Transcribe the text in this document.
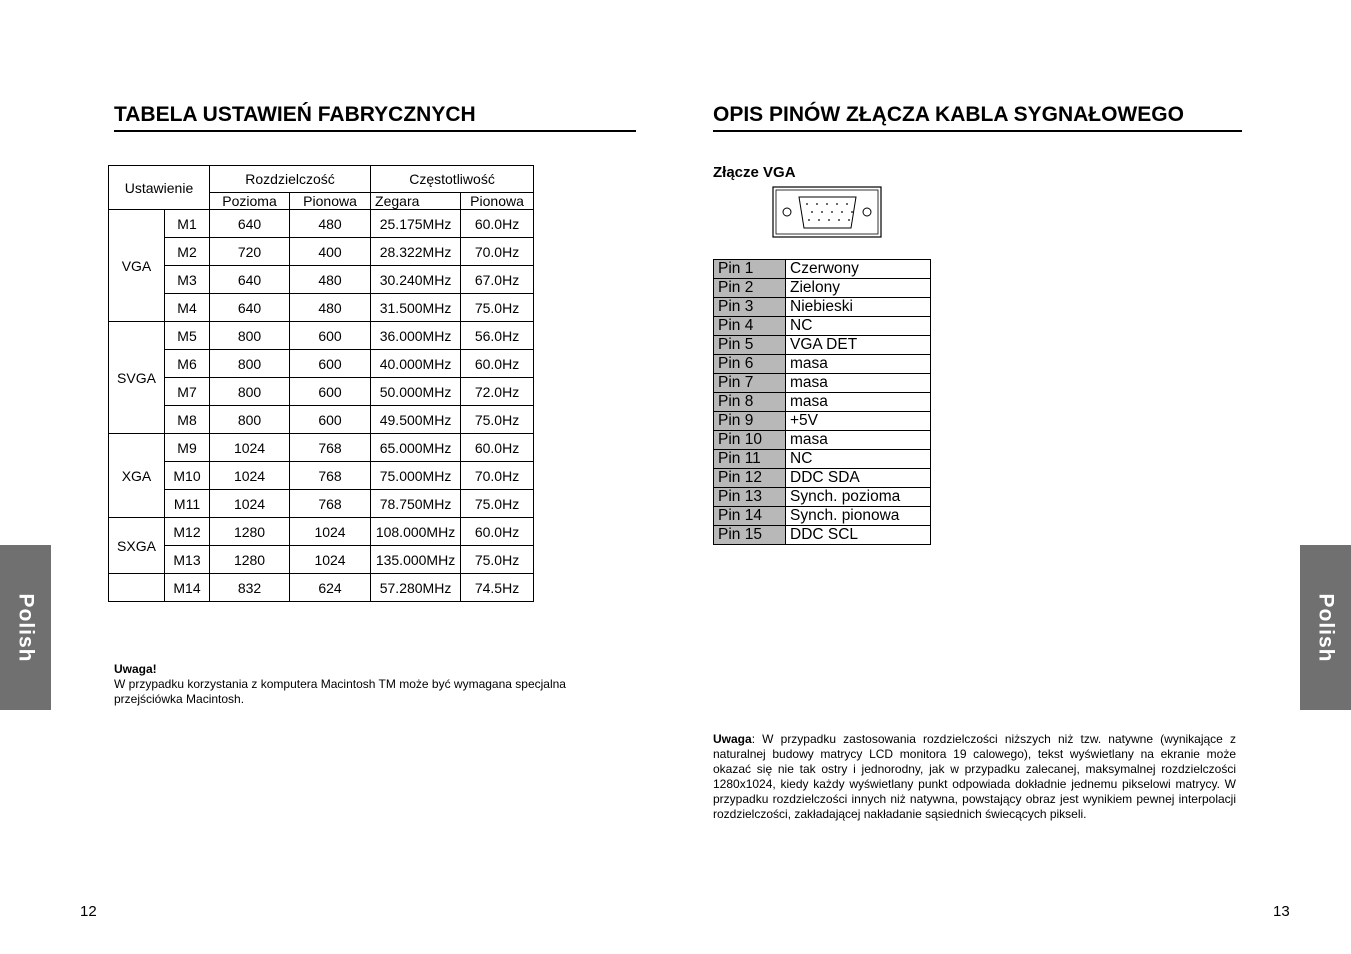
TABELA USTAWIEŃ FABRYCZNYCH
Ustawienie		Rozdzielczość		Częstotliwość	
		Pozioma	Pionowa	Zegara	Pionowa
VGA	M1	640	480	25.175MHz	60.0Hz
	M2	720	400	28.322MHz	70.0Hz
	M3	640	480	30.240MHz	67.0Hz
	M4	640	480	31.500MHz	75.0Hz
SVGA	M5	800	600	36.000MHz	56.0Hz
	M6	800	600	40.000MHz	60.0Hz
	M7	800	600	50.000MHz	72.0Hz
	M8	800	600	49.500MHz	75.0Hz
XGA	M9	1024	768	65.000MHz	60.0Hz
	M10	1024	768	75.000MHz	70.0Hz
	M11	1024	768	78.750MHz	75.0Hz
SXGA	M12	1280	1024	108.000MHz	60.0Hz
	M13	1280	1024	135.000MHz	75.0Hz
	M14	832	624	57.280MHz	74.5Hz
Uwaga!
W przypadku korzystania z komputera Macintosh TM może być wymagana specjalna przejściówka Macintosh.
12
Polish
OPIS PINÓW ZŁĄCZA KABLA SYGNAŁOWEGO
Złącze VGA
Pin 1	Czerwony
Pin 2	Zielony
Pin 3	Niebieski
Pin 4	NC
Pin 5	VGA DET
Pin 6	masa
Pin 7	masa
Pin 8	masa
Pin 9	+5V
Pin 10	masa
Pin 11	NC
Pin 12	DDC SDA
Pin 13	Synch. pozioma
Pin 14	Synch. pionowa
Pin 15	DDC SCL
Uwaga: W przypadku zastosowania rozdzielczości niższych niż tzw. natywne (wynikające z naturalnej budowy matrycy LCD monitora 19 calowego), tekst wyświetlany na ekranie może okazać się nie tak ostry i jednorodny, jak w przypadku zalecanej, maksymalnej rozdzielczości 1280x1024, kiedy każdy wyświetlany punkt odpowiada dokładnie jednemu pikselowi matrycy. W przypadku rozdzielczości innych niż natywna, powstający obraz jest wynikiem pewnej interpolacji rozdzielczości, zakładającej nakładanie sąsiednich świecących pikseli.
13
Polish
